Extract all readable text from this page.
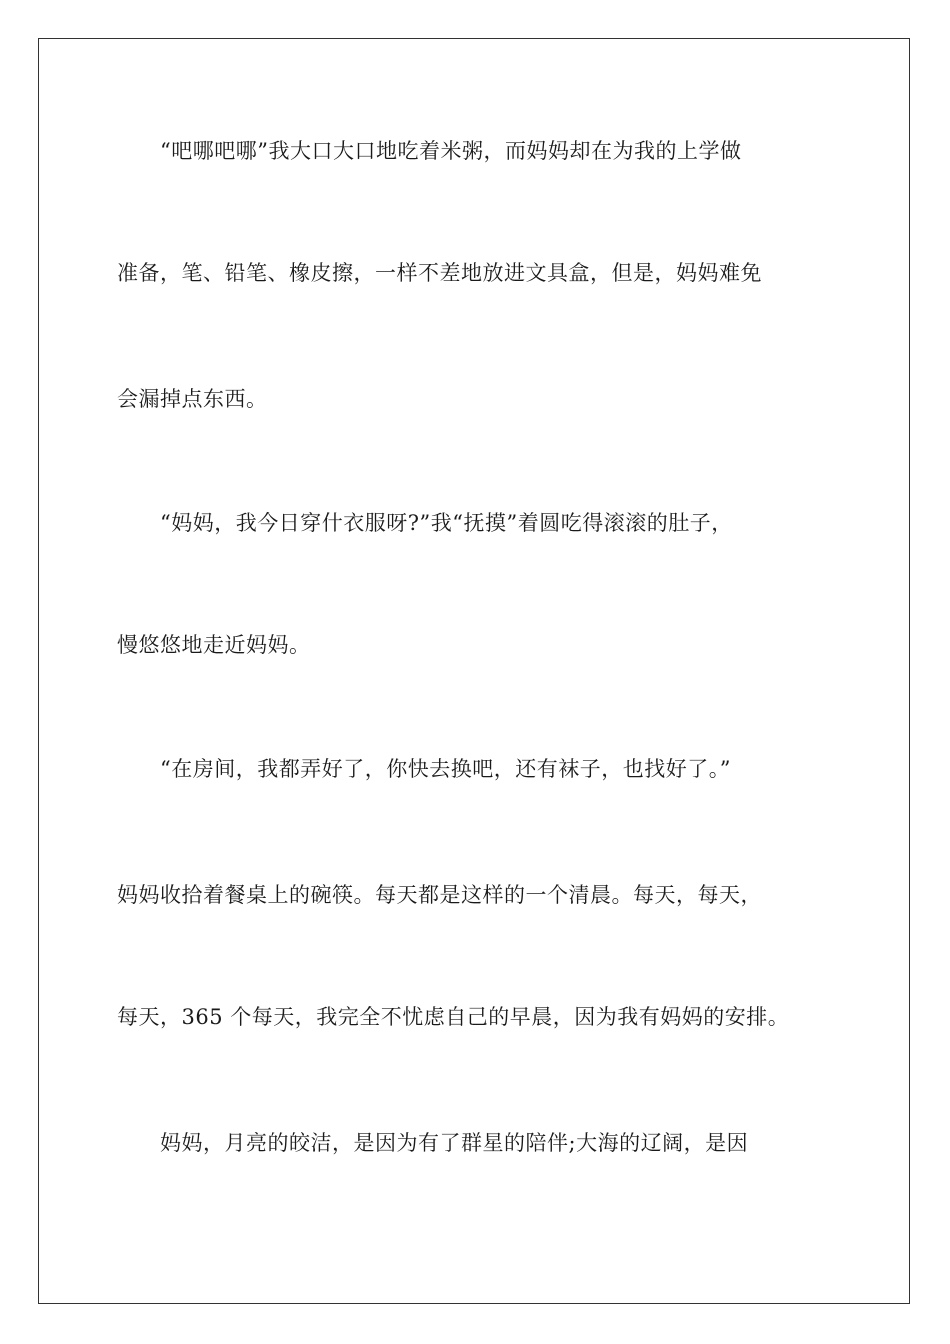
　　“吧哪吧哪”我大口大口地吃着米粥，而妈妈却在为我的上学做
准备，笔、铅笔、橡皮擦，一样不差地放进文具盒，但是，妈妈难免
会漏掉点东西。
　　“妈妈，我今日穿什衣服呀?”我“抚摸”着圆吃得滚滚的肚子，
慢悠悠地走近妈妈。
　　“在房间，我都弄好了，你快去换吧，还有袜子，也找好了。”
妈妈收拾着餐桌上的碗筷。每天都是这样的一个清晨。每天，每天，
每天，365 个每天，我完全不忧虑自己的早晨，因为我有妈妈的安排。
　　妈妈，月亮的皎洁，是因为有了群星的陪伴;大海的辽阔，是因
